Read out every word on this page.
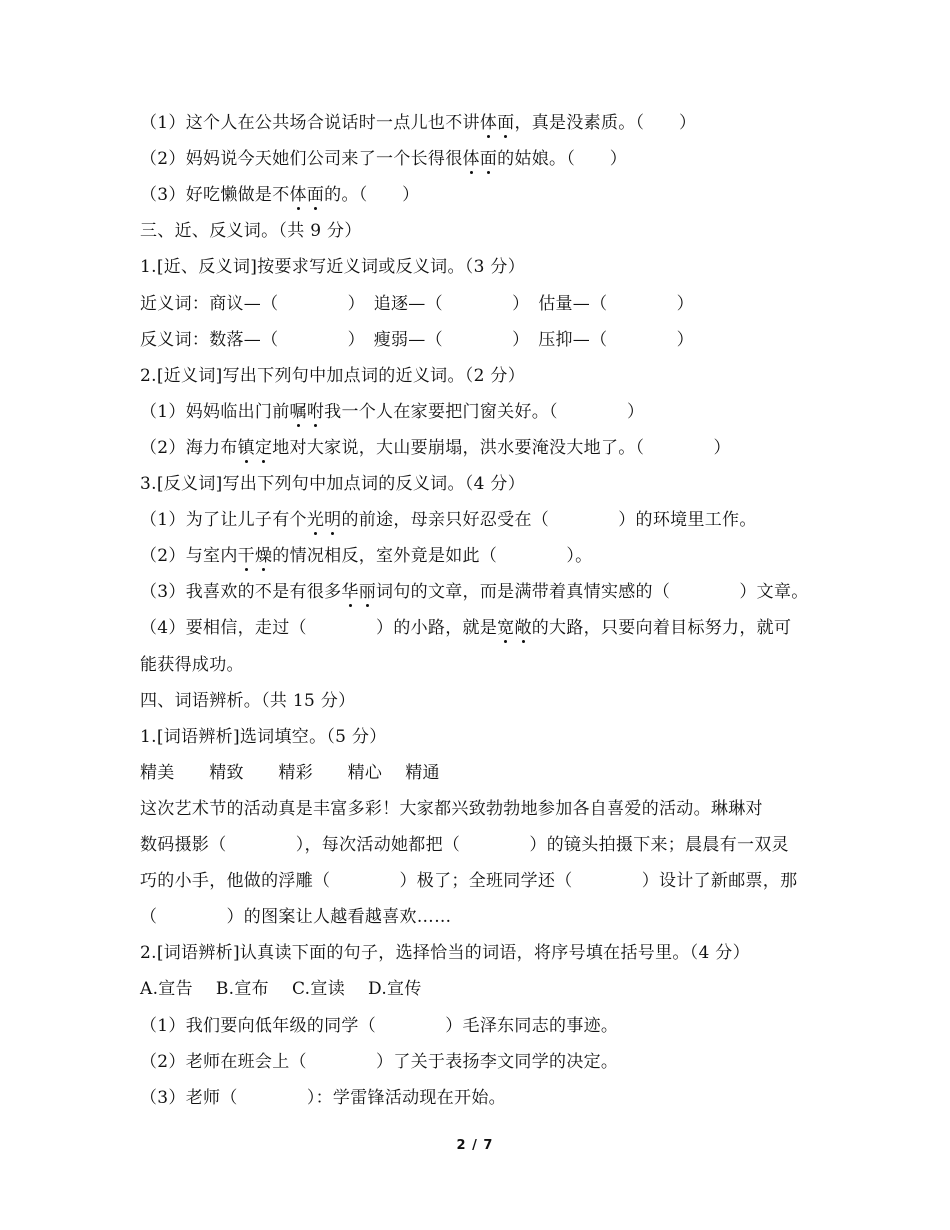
（1）这个人在公共场合说话时一点儿也不讲体面，真是没素质。（　　）
（2）妈妈说今天她们公司来了一个长得很体面的姑娘。（　　）
（3）好吃懒做是不体面的。（　　）
三、近、反义词。（共 9 分）
1.[近、反义词]按要求写近义词或反义词。（3 分）
近义词：商议—（　　　　）　追逐—（　　　　）　估量—（　　　　）
反义词：数落—（　　　　）　瘦弱—（　　　　）　压抑—（　　　　）
2.[近义词]写出下列句中加点词的近义词。（2 分）
（1）妈妈临出门前嘱咐我一个人在家要把门窗关好。（　　　　）
（2）海力布镇定地对大家说，大山要崩塌，洪水要淹没大地了。（　　　　）
3.[反义词]写出下列句中加点词的反义词。（4 分）
（1）为了让儿子有个光明的前途，母亲只好忍受在（　　　　）的环境里工作。
（2）与室内干燥的情况相反，室外竟是如此（　　　　）。
（3）我喜欢的不是有很多华丽词句的文章，而是满带着真情实感的（　　　　）文章。
（4）要相信，走过（　　　　）的小路，就是宽敞的大路，只要向着目标努力，就可
能获得成功。
四、词语辨析。（共 15 分）
1.[词语辨析]选词填空。（5 分）
精美　　精致　　精彩　　精心　 精通
这次艺术节的活动真是丰富多彩！大家都兴致勃勃地参加各自喜爱的活动。琳琳对
数码摄影（　　　　），每次活动她都把（　　　　）的镜头拍摄下来；晨晨有一双灵
巧的小手，他做的浮雕（　　　　）极了；全班同学还（　　　　）设计了新邮票，那
（　　　　）的图案让人越看越喜欢……
2.[词语辨析]认真读下面的句子，选择恰当的词语，将序号填在括号里。（4 分）
A.宣告　 B.宣布　 C.宣读　 D.宣传
（1）我们要向低年级的同学（　　　　）毛泽东同志的事迹。
（2）老师在班会上（　　　　）了关于表扬李文同学的决定。
（3）老师（　　　　）：学雷锋活动现在开始。
2 / 7
